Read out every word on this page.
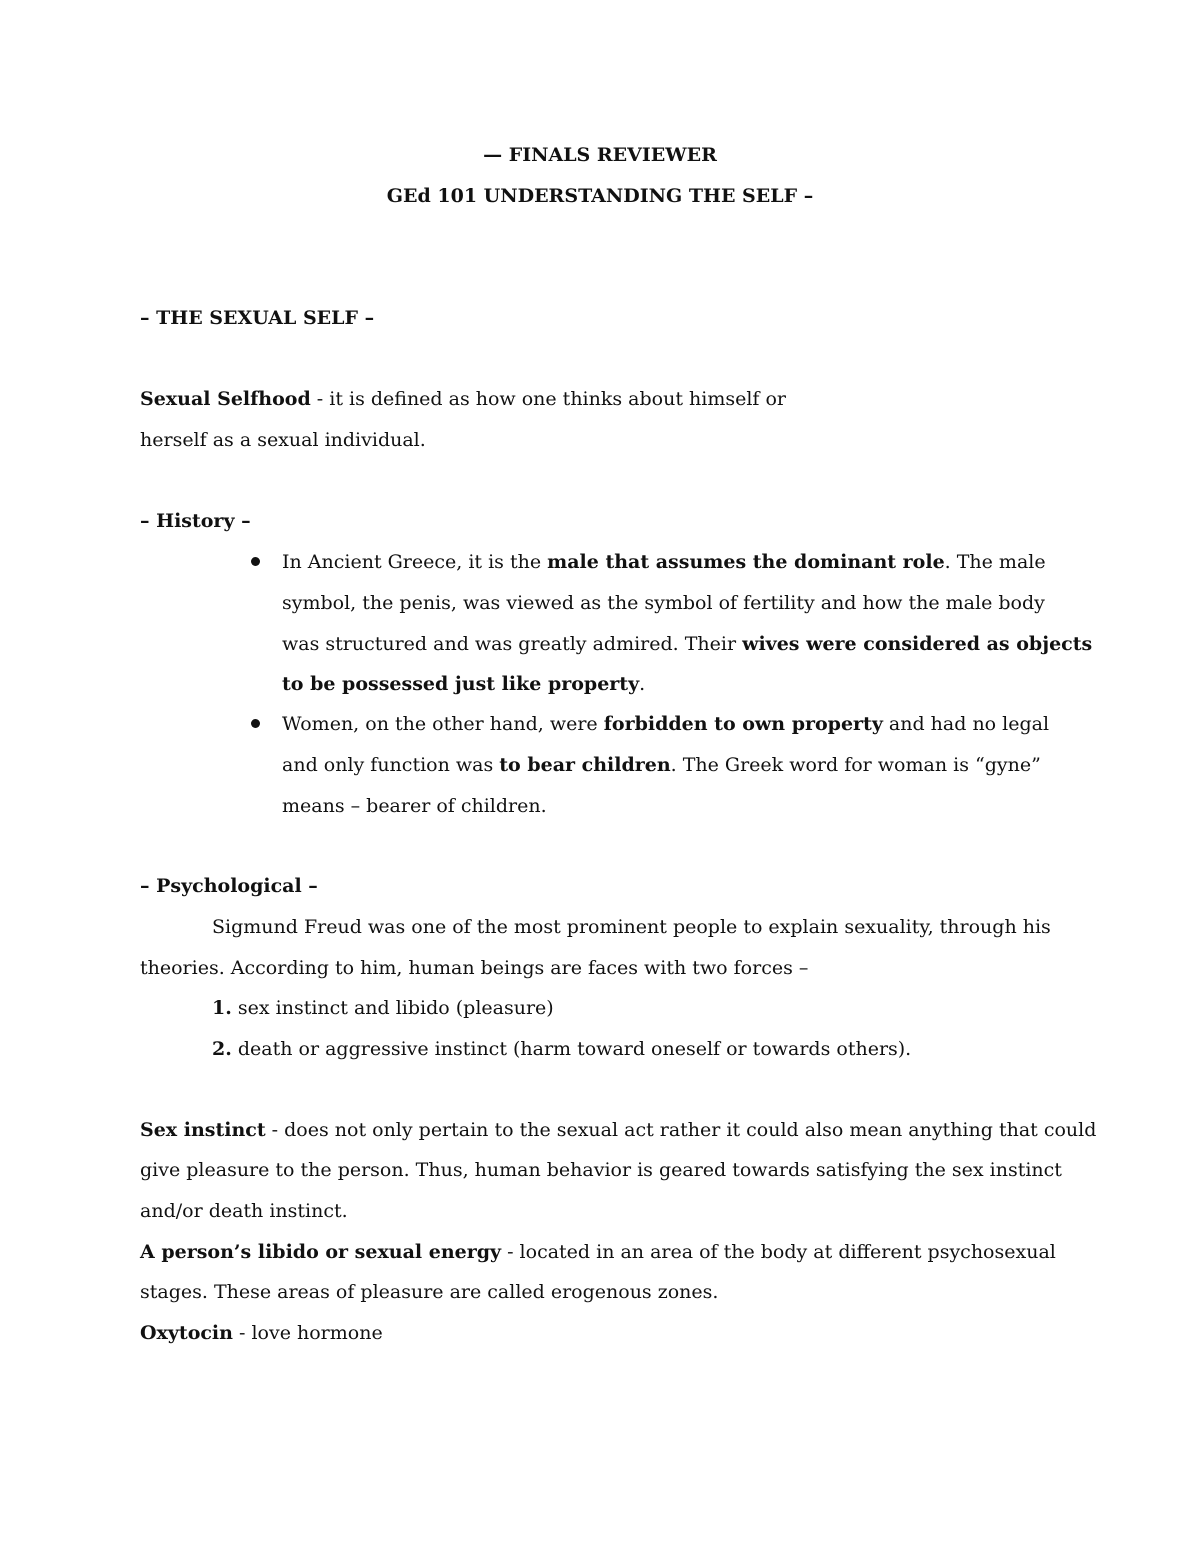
— FINALS REVIEWER
GEd 101 UNDERSTANDING THE SELF –
– THE SEXUAL SELF –
Sexual Selfhood - it is defined as how one thinks about himself or
herself as a sexual individual.
– History –
In Ancient Greece, it is the male that assumes the dominant role. The male
symbol, the penis, was viewed as the symbol of fertility and how the male body
was structured and was greatly admired. Their wives were considered as objects
to be possessed just like property.
Women, on the other hand, were forbidden to own property and had no legal
and only function was to bear children. The Greek word for woman is “gyne”
means – bearer of children.
– Psychological –
Sigmund Freud was one of the most prominent people to explain sexuality, through his
theories. According to him, human beings are faces with two forces –
1. sex instinct and libido (pleasure)
2. death or aggressive instinct (harm toward oneself or towards others).
Sex instinct - does not only pertain to the sexual act rather it could also mean anything that could
give pleasure to the person. Thus, human behavior is geared towards satisfying the sex instinct
and/or death instinct.
A person’s libido or sexual energy - located in an area of the body at different psychosexual
stages. These areas of pleasure are called erogenous zones.
Oxytocin - love hormone
